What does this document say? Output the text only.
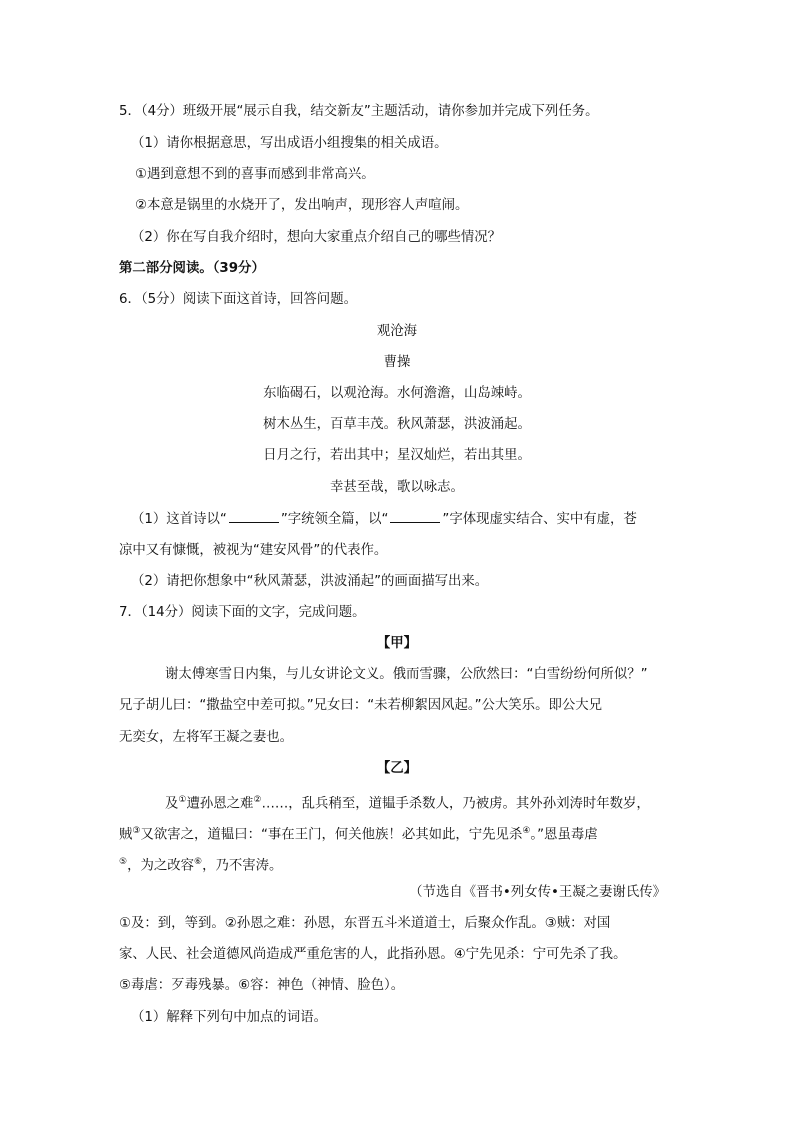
5．（4分）班级开展“展示自我，结交新友”主题活动，请你参加并完成下列任务。
（1）请你根据意思，写出成语小组搜集的相关成语。
①遇到意想不到的喜事而感到非常高兴。
②本意是锅里的水烧开了，发出响声，现形容人声喧闹。
（2）你在写自我介绍时，想向大家重点介绍自己的哪些情况？
第二部分阅读。（39分）
6．（5分）阅读下面这首诗，回答问题。
观沧海
曹操
东临碣石，以观沧海。水何澹澹，山岛竦峙。
树木丛生，百草丰茂。秋风萧瑟，洪波涌起。
日月之行，若出其中；星汉灿烂，若出其里。
幸甚至哉，歌以咏志。
（1）这首诗以“	”字统领全篇，以“	”字体现虚实结合、实中有虚，苍
凉中又有慷慨，被视为“建安风骨”的代表作。
（2）请把你想象中“秋风萧瑟，洪波涌起”的画面描写出来。
7．（14分）阅读下面的文字，完成问题。
【甲】
谢太傅寒雪日内集，与儿女讲论文义。俄而雪骤，公欣然曰：“白雪纷纷何所似？”
兄子胡儿曰：“撒盐空中差可拟。”兄女曰：“未若柳絮因风起。”公大笑乐。即公大兄
无奕女，左将军王凝之妻也。
【乙】
及①遭孙恩之难②……，乱兵稍至，道韫手杀数人，乃被虏。其外孙刘涛时年数岁，
贼③又欲害之，道韫曰：“事在王门，何关他族！必其如此，宁先见杀④。”恩虽毒虐
⑤，为之改容⑥，乃不害涛。
（节选自《晋书•列女传•王凝之妻谢氏传》
①及：到，等到。②孙恩之难：孙恩，东晋五斗米道道士，后聚众作乱。③贼：对国
家、人民、社会道德风尚造成严重危害的人，此指孙恩。④宁先见杀：宁可先杀了我。
⑤毒虐：歹毒残暴。⑥容：神色（神情、脸色）。
（1）解释下列句中加点的词语。
